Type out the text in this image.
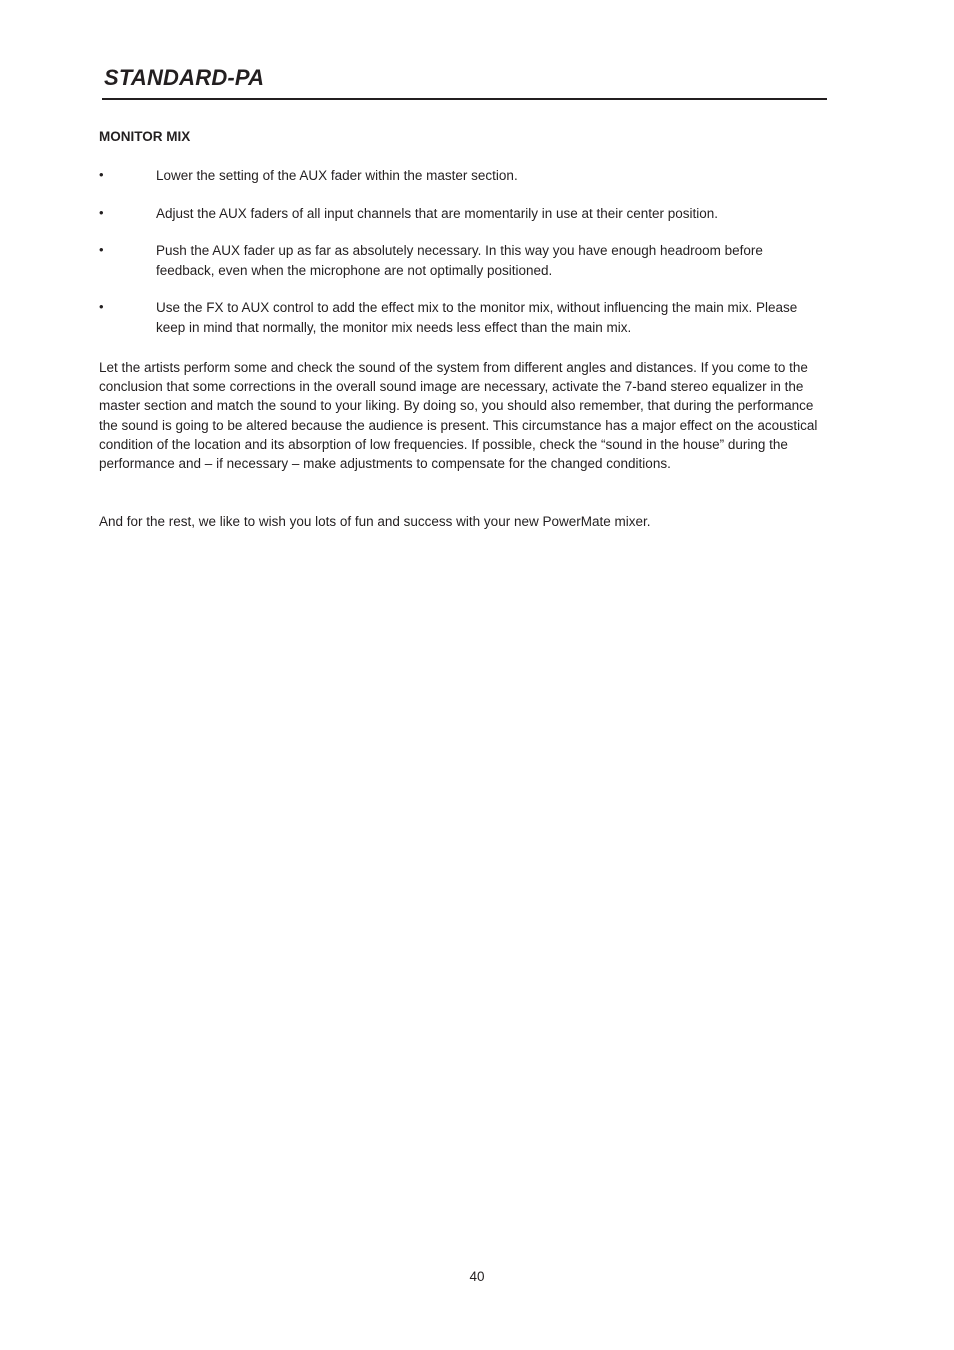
STANDARD-PA
MONITOR MIX
•	Lower the setting of the AUX fader within the master section.
•	Adjust the AUX faders of all input channels that are momentarily in use at their center position.
•	Push the AUX fader up as far as absolutely necessary. In this way you have enough headroom before feedback, even when the microphone are not optimally positioned.
•	Use the FX to AUX control to add the effect mix to the monitor mix, without influencing the main mix. Please keep in mind that normally, the monitor mix needs less effect than the main mix.

Let the artists perform some and check the sound of the system from different angles and distances. If you come to the conclusion that some corrections in the overall sound image are necessary, activate the 7-band stereo equalizer in the master section and match the sound to your liking. By doing so, you should also remember, that during the performance the sound is going to be altered because the audience is present. This circumstance has a major effect on the acoustical condition of the location and its absorption of low frequencies. If possible, check the “sound in the house” during the performance and – if necessary – make adjustments to compensate for the changed conditions.

And for the rest, we like to wish you lots of fun and success with your new PowerMate mixer.

40
